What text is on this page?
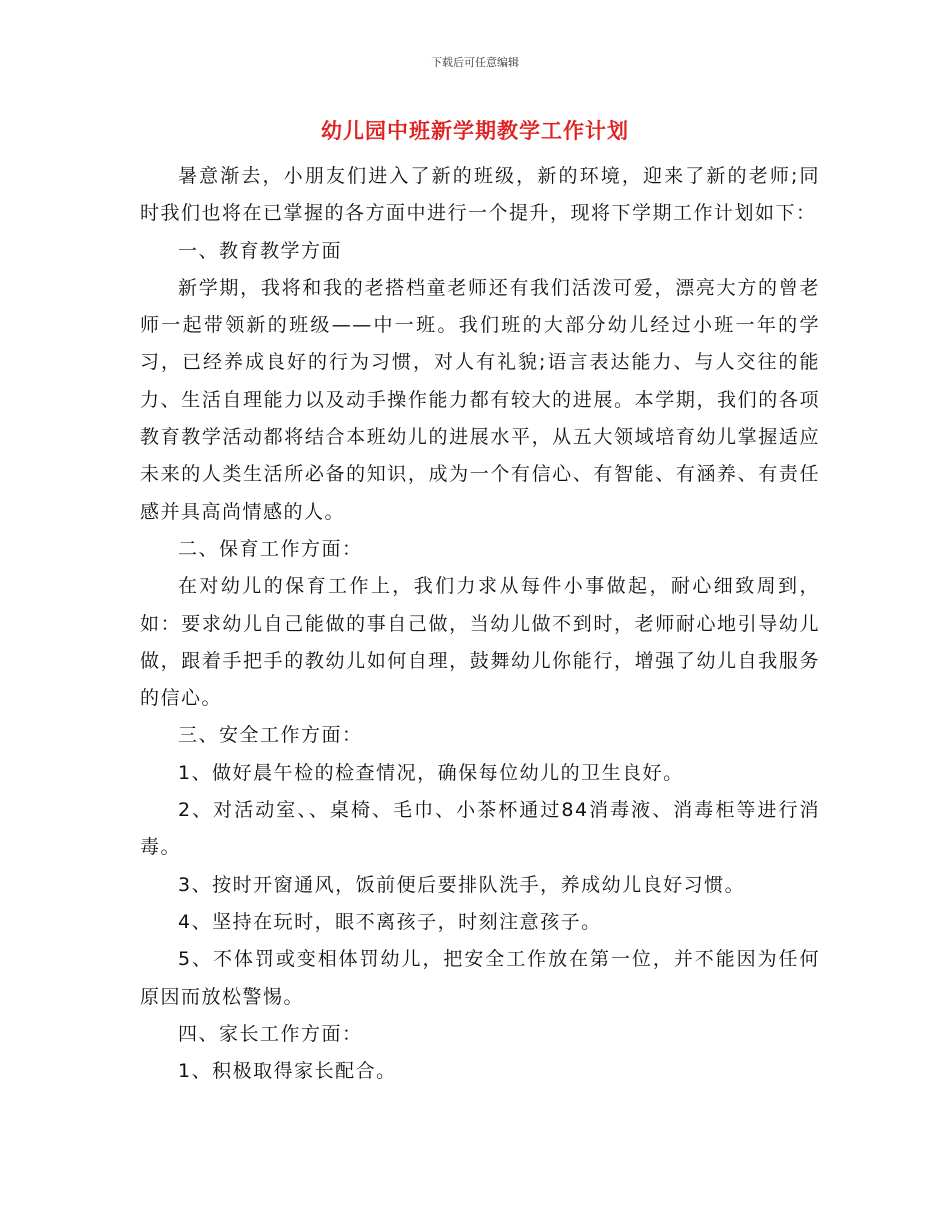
下载后可任意编辑
幼儿园中班新学期教学工作计划

暑意渐去，小朋友们进入了新的班级，新的环境，迎来了新的老师;同时我们也将在已掌握的各方面中进行一个提升，现将下学期工作计划如下：

一、教育教学方面

新学期，我将和我的老搭档童老师还有我们活泼可爱，漂亮大方的曾老师一起带领新的班级——中一班。我们班的大部分幼儿经过小班一年的学习，已经养成良好的行为习惯，对人有礼貌;语言表达能力、与人交往的能力、生活自理能力以及动手操作能力都有较大的进展。本学期，我们的各项教育教学活动都将结合本班幼儿的进展水平，从五大领域培育幼儿掌握适应未来的人类生活所必备的知识，成为一个有信心、有智能、有涵养、有责任感并具高尚情感的人。

二、保育工作方面：

在对幼儿的保育工作上，我们力求从每件小事做起，耐心细致周到，如：要求幼儿自己能做的事自己做，当幼儿做不到时，老师耐心地引导幼儿做，跟着手把手的教幼儿如何自理，鼓舞幼儿你能行，增强了幼儿自我服务的信心。

三、安全工作方面：

1、做好晨午检的检查情况，确保每位幼儿的卫生良好。

2、对活动室、、桌椅、毛巾、小茶杯通过84消毒液、消毒柜等进行消毒。

3、按时开窗通风，饭前便后要排队洗手，养成幼儿良好习惯。

4、坚持在玩时，眼不离孩子，时刻注意孩子。

5、不体罚或变相体罚幼儿，把安全工作放在第一位，并不能因为任何原因而放松警惕。

四、家长工作方面：

1、积极取得家长配合。
